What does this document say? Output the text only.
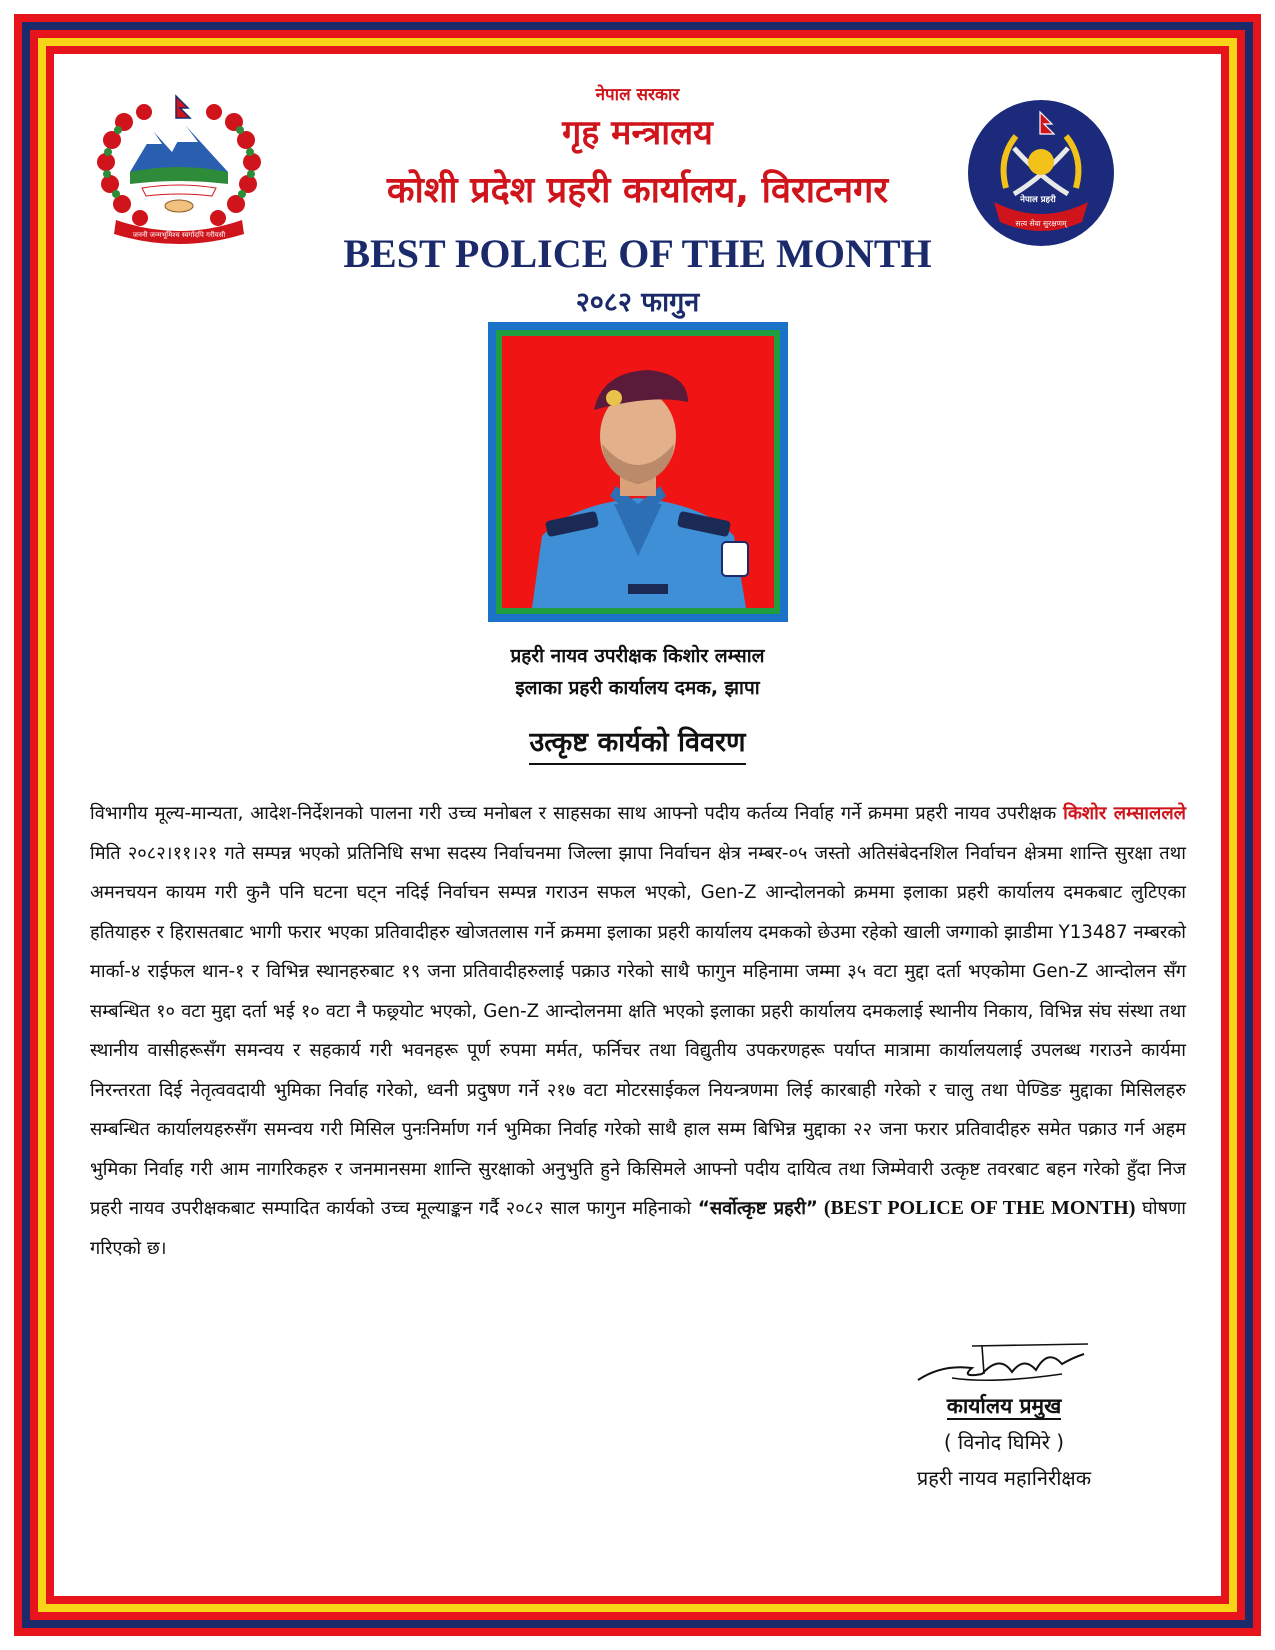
जननी जन्मभूमिश्च स्वर्गादपि गरीयसी
नेपाल प्रहरी
सत्य सेवा सुरक्षणम्
नेपाल सरकार
गृह मन्त्रालय
कोशी प्रदेश प्रहरी कार्यालय, विराटनगर
BEST POLICE OF THE MONTH
२०८२ फागुन
प्रहरी नायव उपरीक्षक किशोर लम्साल
इलाका प्रहरी कार्यालय दमक, झापा
उत्कृष्ट कार्यको विवरण
विभागीय मूल्य-मान्यता, आदेश-निर्देशनको पालना गरी उच्च मनोबल र साहसका साथ आफ्नो पदीय कर्तव्य निर्वाह गर्ने क्रममा प्रहरी नायव उपरीक्षक किशोर लम्साललले मिति २०८२।११।२१ गते सम्पन्न भएको प्रतिनिधि सभा सदस्य निर्वाचनमा जिल्ला झापा निर्वाचन क्षेत्र नम्बर-०५ जस्तो अतिसंबेदनशिल निर्वाचन क्षेत्रमा शान्ति सुरक्षा तथा अमनचयन कायम गरी कुनै पनि घटना घट्न नदिई निर्वाचन सम्पन्न गराउन सफल भएको, Gen-Z आन्दोलनको क्रममा इलाका प्रहरी कार्यालय दमकबाट लुटिएका हतियाहरु र हिरासतबाट भागी फरार भएका प्रतिवादीहरु खोजतलास गर्ने क्रममा इलाका प्रहरी कार्यालय दमकको छेउमा रहेको खाली जग्गाको झाडीमा Y13487 नम्बरको मार्का-४ राईफल थान-१ र विभिन्न स्थानहरुबाट १९ जना प्रतिवादीहरुलाई पक्राउ गरेको साथै फागुन महिनामा जम्मा ३५ वटा मुद्दा दर्ता भएकोमा Gen-Z आन्दोलन सँग सम्बन्धित १० वटा मुद्दा दर्ता भई १० वटा नै फछ्र्योट भएको, Gen-Z आन्दोलनमा क्षति भएको इलाका प्रहरी कार्यालय दमकलाई स्थानीय निकाय, विभिन्न संघ संस्था तथा स्थानीय वासीहरूसँग समन्वय र सहकार्य गरी भवनहरू पूर्ण रुपमा मर्मत, फर्निचर तथा विद्युतीय उपकरणहरू पर्याप्त मात्रामा कार्यालयलाई उपलब्ध गराउने कार्यमा निरन्तरता दिई नेतृत्ववदायी भुमिका निर्वाह गरेको, ध्वनी प्रदुषण गर्ने २१७ वटा मोटरसाईकल नियन्त्रणमा लिई कारबाही गरेको र चालु तथा पेण्डिङ मुद्दाका मिसिलहरु सम्बन्धित कार्यालयहरुसँग समन्वय गरी मिसिल पुनःनिर्माण गर्न भुमिका निर्वाह गरेको साथै हाल सम्म बिभिन्न मुद्दाका २२ जना फरार प्रतिवादीहरु समेत पक्राउ गर्न अहम भुमिका निर्वाह गरी आम नागरिकहरु र जनमानसमा शान्ति सुरक्षाको अनुभुति हुने किसिमले आफ्नो पदीय दायित्व तथा जिम्मेवारी उत्कृष्ट तवरबाट बहन गरेको हुँदा निज प्रहरी नायव उपरीक्षकबाट सम्पादित कार्यको उच्च मूल्याङ्कन गर्दै २०८२ साल फागुन महिनाको “सर्वोत्कृष्ट प्रहरी” (BEST POLICE OF THE MONTH) घोषणा गरिएको छ।
कार्यालय प्रमुख
( विनोद घिमिरे )
प्रहरी नायव महानिरीक्षक
